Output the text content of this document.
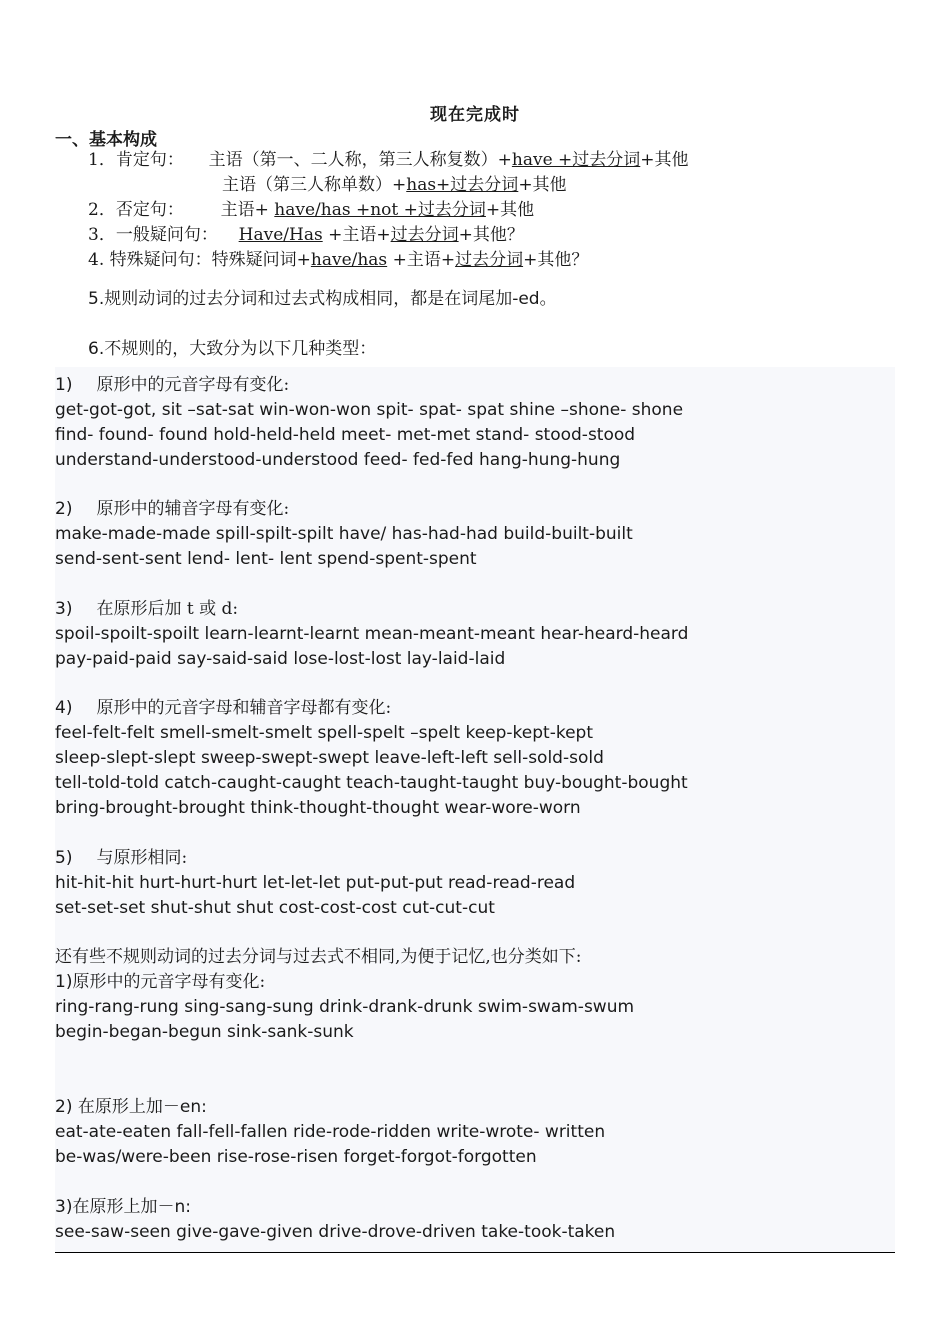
现在完成时
一、基本构成
1．肯定句： 主语（第一、二人称，第三人称复数）+have +过去分词+其他
主语（第三人称单数）+has+过去分词+其他
2．否定句： 主语+ have/has +not +过去分词+其他
3．一般疑问句： Have/Has +主语+过去分词+其他？
4. 特殊疑问句：特殊疑问词+have/has +主语+过去分词+其他？
5.规则动词的过去分词和过去式构成相同，都是在词尾加-ed。
6.不规则的，大致分为以下几种类型：
1) 原形中的元音字母有变化:
get-got-got, sit –sat-sat win-won-won spit- spat- spat shine –shone- shone
find- found- found hold-held-held meet- met-met stand- stood-stood
understand-understood-understood feed- fed-fed hang-hung-hung
2) 原形中的辅音字母有变化:
make-made-made spill-spilt-spilt have/ has-had-had build-built-built
send-sent-sent lend- lent- lent spend-spent-spent
3) 在原形后加 t 或 d:
spoil-spoilt-spoilt learn-learnt-learnt mean-meant-meant hear-heard-heard
pay-paid-paid say-said-said lose-lost-lost lay-laid-laid
4) 原形中的元音字母和辅音字母都有变化:
feel-felt-felt smell-smelt-smelt spell-spelt –spelt keep-kept-kept
sleep-slept-slept sweep-swept-swept leave-left-left sell-sold-sold
tell-told-told catch-caught-caught teach-taught-taught buy-bought-bought
bring-brought-brought think-thought-thought wear-wore-worn
5) 与原形相同:
hit-hit-hit hurt-hurt-hurt let-let-let put-put-put read-read-read
set-set-set shut-shut shut cost-cost-cost cut-cut-cut
还有些不规则动词的过去分词与过去式不相同,为便于记忆,也分类如下:
1)原形中的元音字母有变化:
ring-rang-rung sing-sang-sung drink-drank-drunk swim-swam-swum
begin-began-begun sink-sank-sunk
2) 在原形上加－en:
eat-ate-eaten fall-fell-fallen ride-rode-ridden write-wrote- written
be-was/were-been rise-rose-risen forget-forgot-forgotten
3)在原形上加－n:
see-saw-seen give-gave-given drive-drove-driven take-took-taken
